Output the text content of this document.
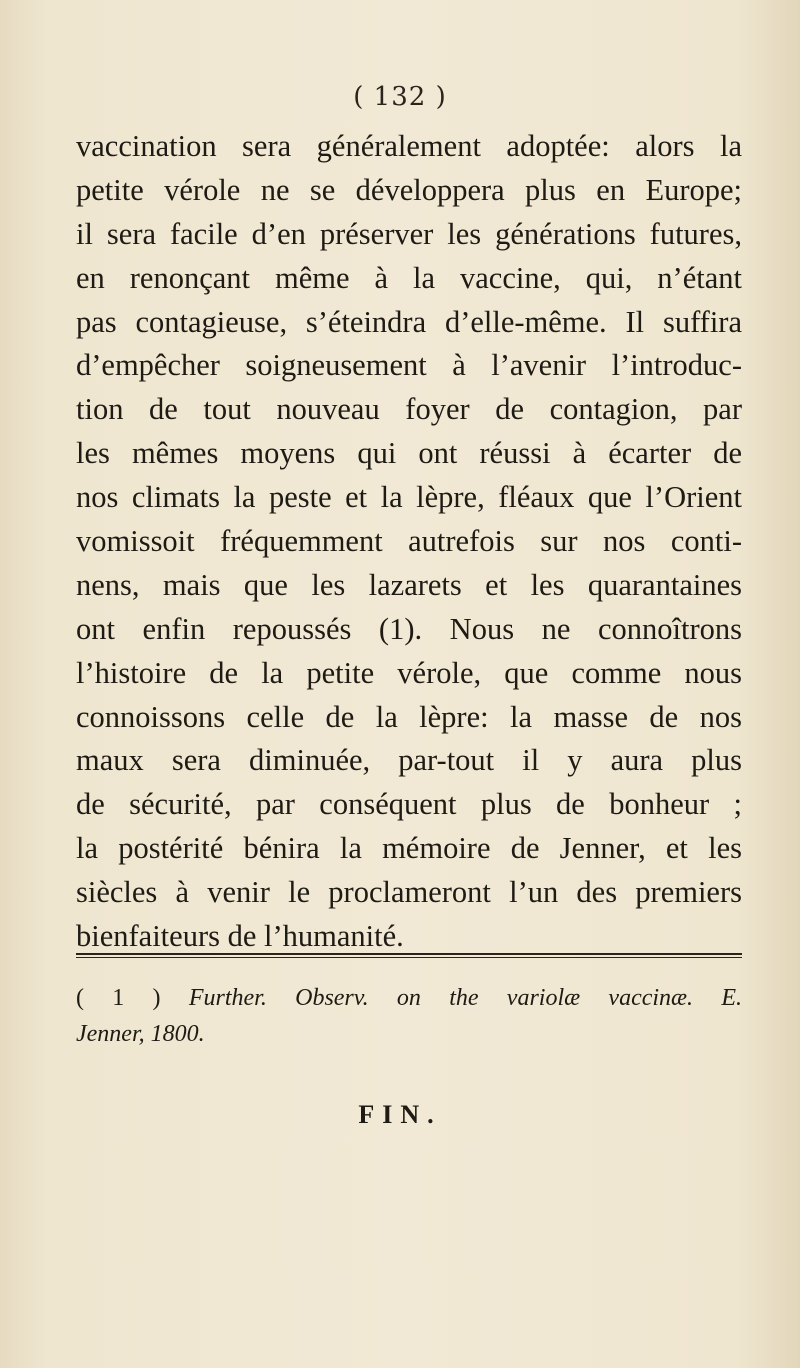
( 132 )
vaccination sera généralement adoptée: alors la
petite vérole ne se développera plus en Europe;
il sera facile d’en préserver les générations futures,
en renonçant même à la vaccine, qui, n’étant
pas contagieuse, s’éteindra d’elle-même. Il suffira
d’empêcher soigneusement à l’avenir l’introduc-
tion de tout nouveau foyer de contagion, par
les mêmes moyens qui ont réussi à écarter de
nos climats la peste et la lèpre, fléaux que l’Orient
vomissoit fréquemment autrefois sur nos conti-
nens, mais que les lazarets et les quarantaines
ont enfin repoussés (1). Nous ne connoîtrons
l’histoire de la petite vérole, que comme nous
connoissons celle de la lèpre: la masse de nos
maux sera diminuée, par-tout il y aura plus
de sécurité, par conséquent plus de bonheur ;
la postérité bénira la mémoire de Jenner, et les
siècles à venir le proclameront l’un des premiers
bienfaiteurs de l’humanité.
( 1 ) Further. Observ. on the variolæ vaccinæ. E.
Jenner, 1800.
FIN.
